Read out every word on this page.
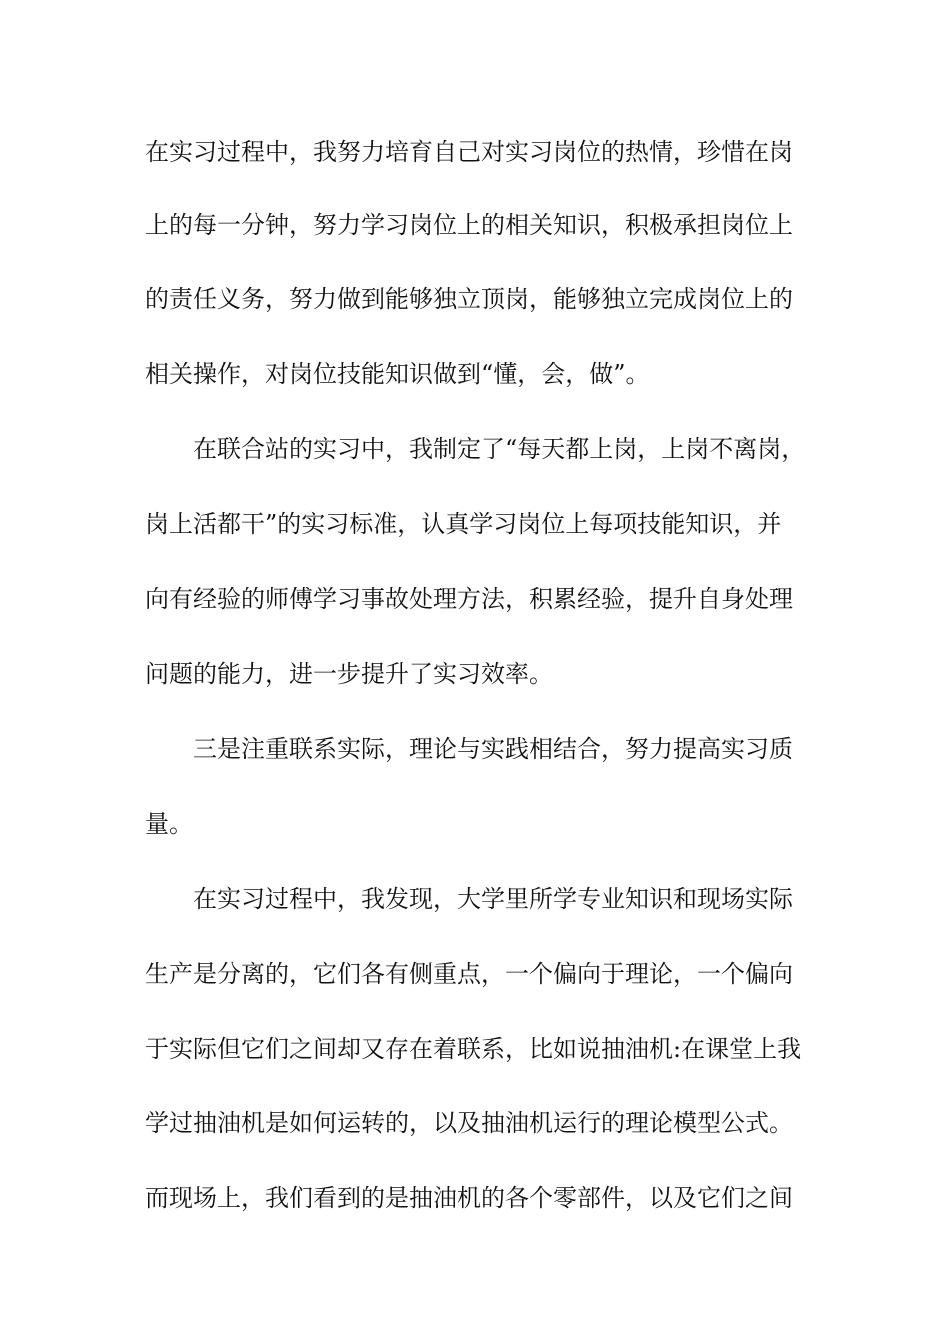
在实习过程中，我努力培育自己对实习岗位的热情，珍惜在岗
上的每一分钟，努力学习岗位上的相关知识，积极承担岗位上
的责任义务，努力做到能够独立顶岗，能够独立完成岗位上的
相关操作，对岗位技能知识做到“懂，会，做”。
在联合站的实习中，我制定了“每天都上岗，上岗不离岗，
岗上活都干”的实习标准，认真学习岗位上每项技能知识，并
向有经验的师傅学习事故处理方法，积累经验，提升自身处理
问题的能力，进一步提升了实习效率。
三是注重联系实际，理论与实践相结合，努力提高实习质
量。
在实习过程中，我发现，大学里所学专业知识和现场实际
生产是分离的，它们各有侧重点，一个偏向于理论，一个偏向
于实际但它们之间却又存在着联系，比如说抽油机:在课堂上我
学过抽油机是如何运转的，以及抽油机运行的理论模型公式。
而现场上，我们看到的是抽油机的各个零部件，以及它们之间
